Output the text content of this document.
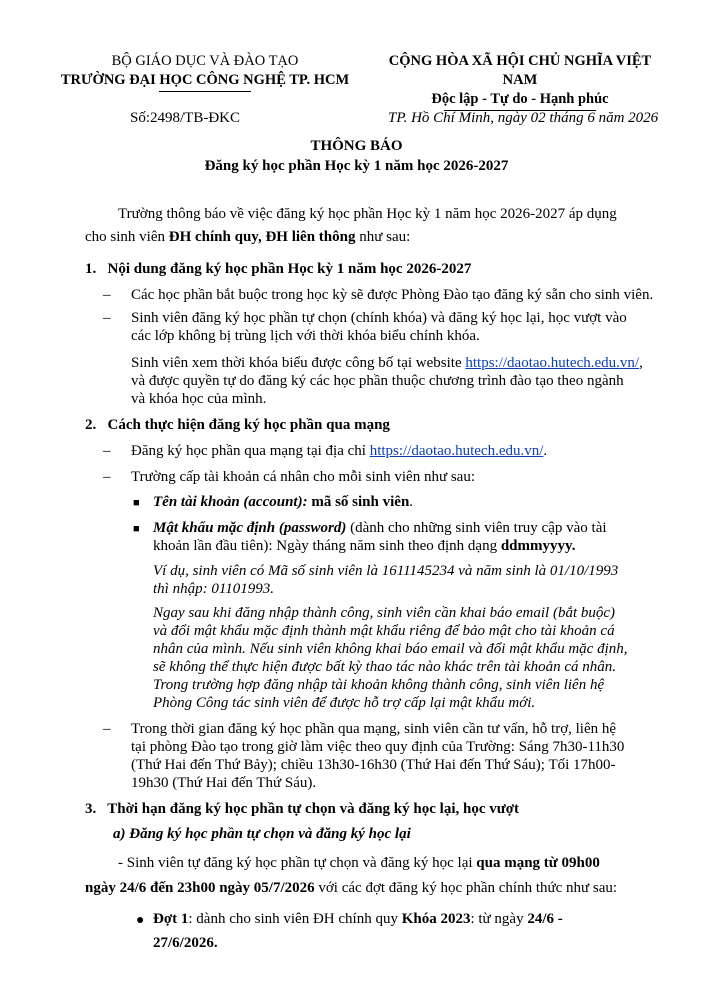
BỘ GIÁO DỤC VÀ ĐÀO TẠO
TRƯỜNG ĐẠI HỌC CÔNG NGHỆ TP. HCM
CỘNG HÒA XÃ HỘI CHỦ NGHĨA VIỆT NAM
Độc lập - Tự do - Hạnh phúc
Số:2498/TB-ĐKC	TP. Hồ Chí Minh, ngày 02 tháng 6 năm 2026
THÔNG BÁO
Đăng ký học phần Học kỳ 1 năm học 2026-2027
Trường thông báo về việc đăng ký học phần Học kỳ 1 năm học 2026-2027 áp dụng
cho sinh viên ĐH chính quy, ĐH liên thông như sau:
1.   Nội dung đăng ký học phần Học kỳ 1 năm học 2026-2027
– Các học phần bắt buộc trong học kỳ sẽ được Phòng Đào tạo đăng ký sẵn cho sinh viên.
– Sinh viên đăng ký học phần tự chọn (chính khóa) và đăng ký học lại, học vượt vào
các lớp không bị trùng lịch với thời khóa biểu chính khóa.
Sinh viên xem thời khóa biểu được công bố tại website https://daotao.hutech.edu.vn/,
và được quyền tự do đăng ký các học phần thuộc chương trình đào tạo theo ngành
và khóa học của mình.
2.   Cách thực hiện đăng ký học phần qua mạng
– Đăng ký học phần qua mạng tại địa chỉ https://daotao.hutech.edu.vn/.
– Trường cấp tài khoản cá nhân cho mỗi sinh viên như sau:
■ Tên tài khoản (account): mã số sinh viên.
■ Mật khẩu mặc định (password) (dành cho những sinh viên truy cập vào tài
khoản lần đầu tiên): Ngày tháng năm sinh theo định dạng ddmmyyyy.
Ví dụ, sinh viên có Mã số sinh viên là 1611145234 và năm sinh là 01/10/1993
thì nhập: 01101993.
Ngay sau khi đăng nhập thành công, sinh viên cần khai báo email (bắt buộc)
và đổi mật khẩu mặc định thành mật khẩu riêng để bảo mật cho tài khoản cá
nhân của mình. Nếu sinh viên không khai báo email và đổi mật khẩu mặc định,
sẽ không thể thực hiện được bất kỳ thao tác nào khác trên tài khoản cá nhân.
Trong trường hợp đăng nhập tài khoản không thành công, sinh viên liên hệ
Phòng Công tác sinh viên để được hỗ trợ cấp lại mật khẩu mới.
– Trong thời gian đăng ký học phần qua mạng, sinh viên cần tư vấn, hỗ trợ, liên hệ
tại phòng Đào tạo trong giờ làm việc theo quy định của Trường: Sáng 7h30-11h30
(Thứ Hai đến Thứ Bảy); chiều 13h30-16h30 (Thứ Hai đến Thứ Sáu); Tối 17h00-
19h30 (Thứ Hai đến Thứ Sáu).
3.   Thời hạn đăng ký học phần tự chọn và đăng ký học lại, học vượt
a) Đăng ký học phần tự chọn và đăng ký học lại
- Sinh viên tự đăng ký học phần tự chọn và đăng ký học lại qua mạng từ 09h00
ngày 24/6 đến 23h00 ngày 05/7/2026 với các đợt đăng ký học phần chính thức như sau:
● Đợt 1: dành cho sinh viên ĐH chính quy Khóa 2023: từ ngày 24/6 -
27/6/2026.
